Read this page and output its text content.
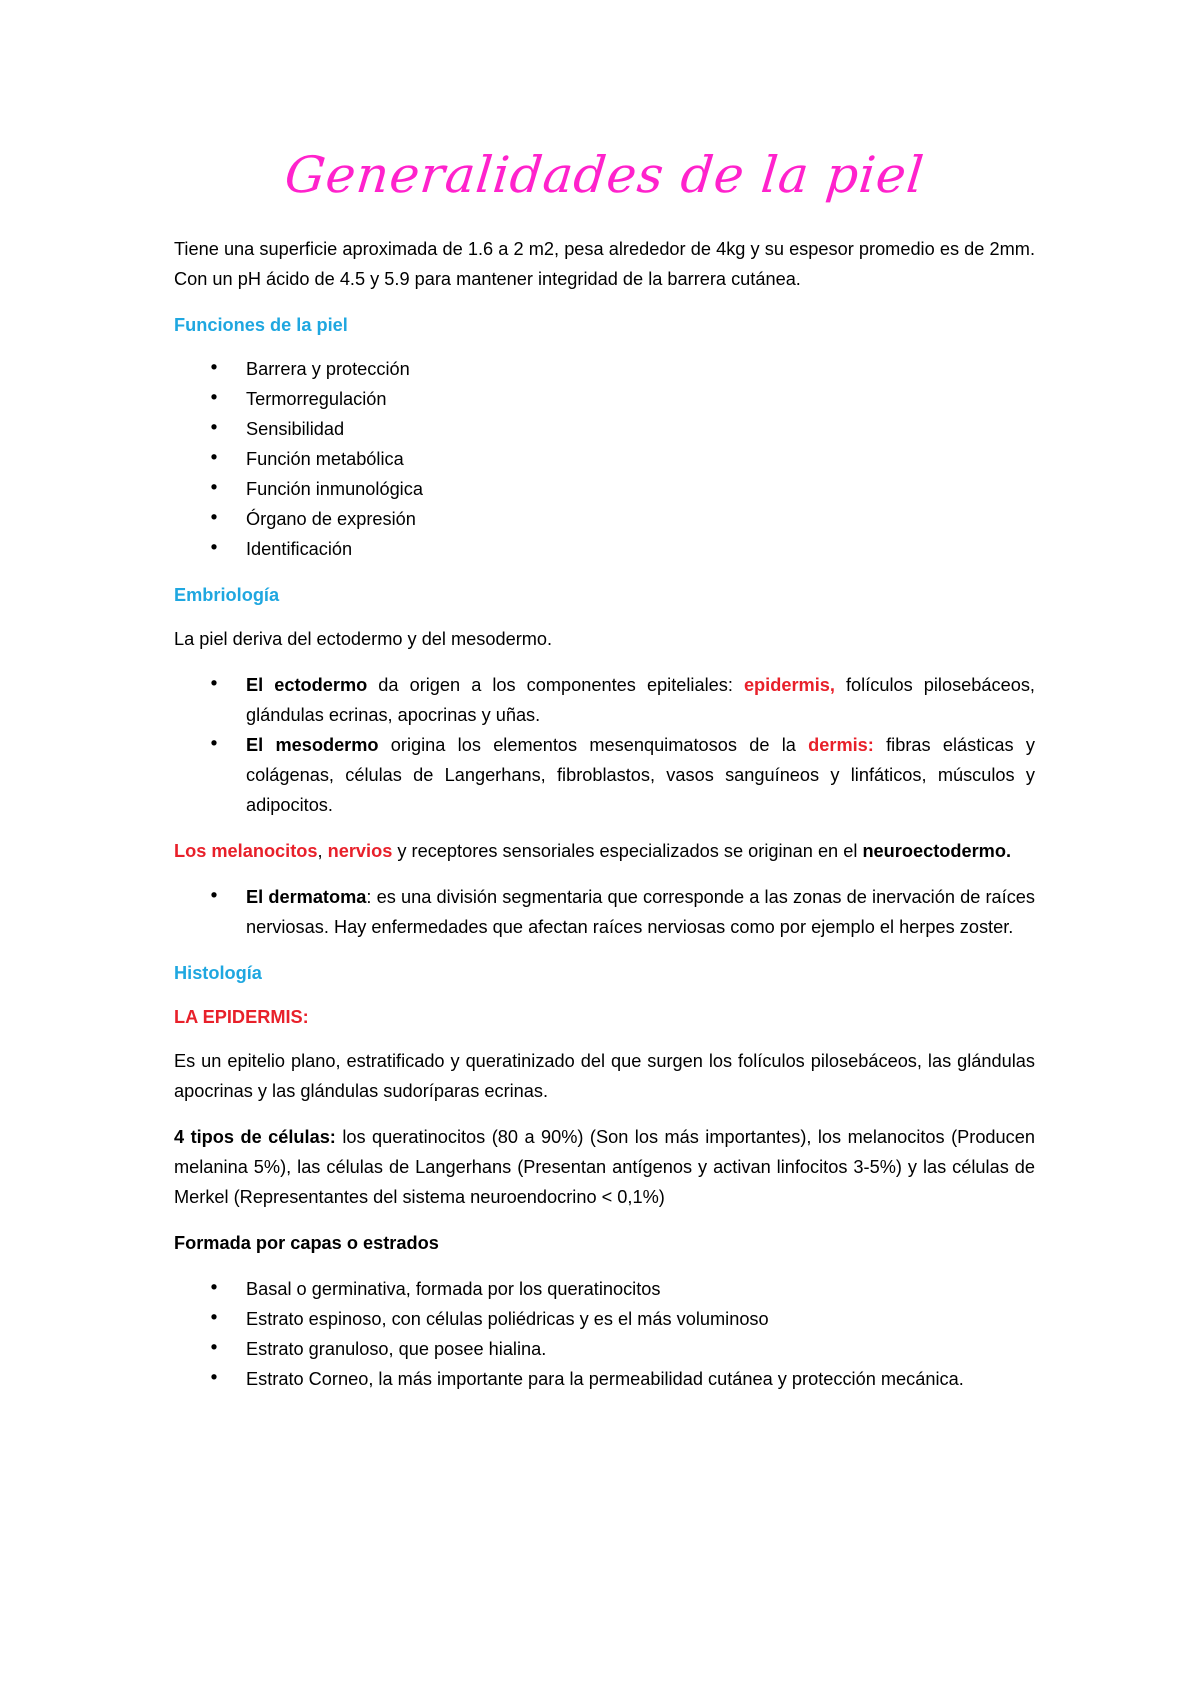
Generalidades de la piel

Tiene una superficie aproximada de 1.6 a 2 m2, pesa alrededor de 4kg y su espesor promedio es de 2mm. Con un pH ácido de 4.5 y 5.9 para mantener integridad de la barrera cutánea.

Funciones de la piel

• Barrera y protección
• Termorregulación
• Sensibilidad
• Función metabólica
• Función inmunológica
• Órgano de expresión
• Identificación

Embriología

La piel deriva del ectodermo y del mesodermo.

• El ectodermo da origen a los componentes epiteliales: epidermis, folículos pilosebáceos, glándulas ecrinas, apocrinas y uñas.
• El mesodermo origina los elementos mesenquimatosos de la dermis: fibras elásticas y colágenas, células de Langerhans, fibroblastos, vasos sanguíneos y linfáticos, músculos y adipocitos.

Los melanocitos, nervios y receptores sensoriales especializados se originan en el neuroectodermo.

• El dermatoma: es una división segmentaria que corresponde a las zonas de inervación de raíces nerviosas. Hay enfermedades que afectan raíces nerviosas como por ejemplo el herpes zoster.

Histología

LA EPIDERMIS:

Es un epitelio plano, estratificado y queratinizado del que surgen los folículos pilosebáceos, las glándulas apocrinas y las glándulas sudoríparas ecrinas.

4 tipos de células: los queratinocitos (80 a 90%) (Son los más importantes), los melanocitos (Producen melanina 5%), las células de Langerhans (Presentan antígenos y activan linfocitos 3-5%) y las células de Merkel (Representantes del sistema neuroendocrino < 0,1%)

Formada por capas o estrados

• Basal o germinativa, formada por los queratinocitos
• Estrato espinoso, con células poliédricas y es el más voluminoso
• Estrato granuloso, que posee hialina.
• Estrato Corneo, la más importante para la permeabilidad cutánea y protección mecánica.
